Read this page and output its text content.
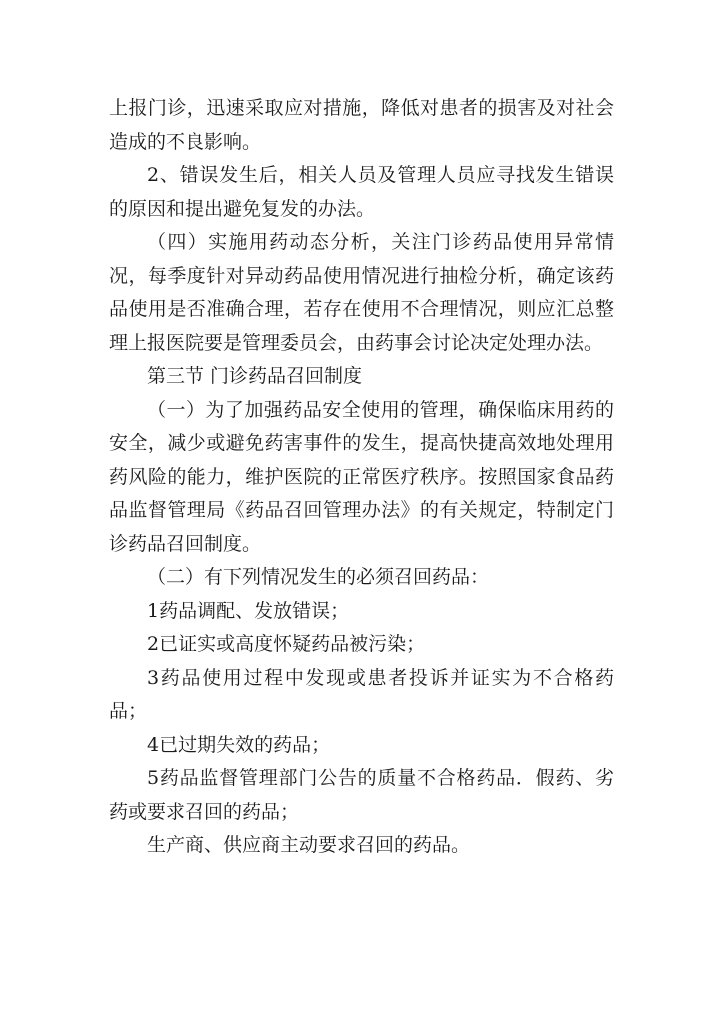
上报门诊，迅速采取应对措施，降低对患者的损害及对社会造成的不良影响。

2、错误发生后，相关人员及管理人员应寻找发生错误的原因和提出避免复发的办法。

（四）实施用药动态分析，关注门诊药品使用异常情况，每季度针对异动药品使用情况进行抽检分析，确定该药品使用是否准确合理，若存在使用不合理情况，则应汇总整理上报医院要是管理委员会，由药事会讨论决定处理办法。

第三节 门诊药品召回制度

（一）为了加强药品安全使用的管理，确保临床用药的安全，减少或避免药害事件的发生，提高快捷高效地处理用药风险的能力，维护医院的正常医疗秩序。按照国家食品药品监督管理局《药品召回管理办法》的有关规定，特制定门诊药品召回制度。

（二）有下列情况发生的必须召回药品：

1药品调配、发放错误；

2已证实或高度怀疑药品被污染；

3药品使用过程中发现或患者投诉并证实为不合格药品；

4已过期失效的药品；

5药品监督管理部门公告的质量不合格药品．假药、劣药或要求召回的药品；

生产商、供应商主动要求召回的药品。
